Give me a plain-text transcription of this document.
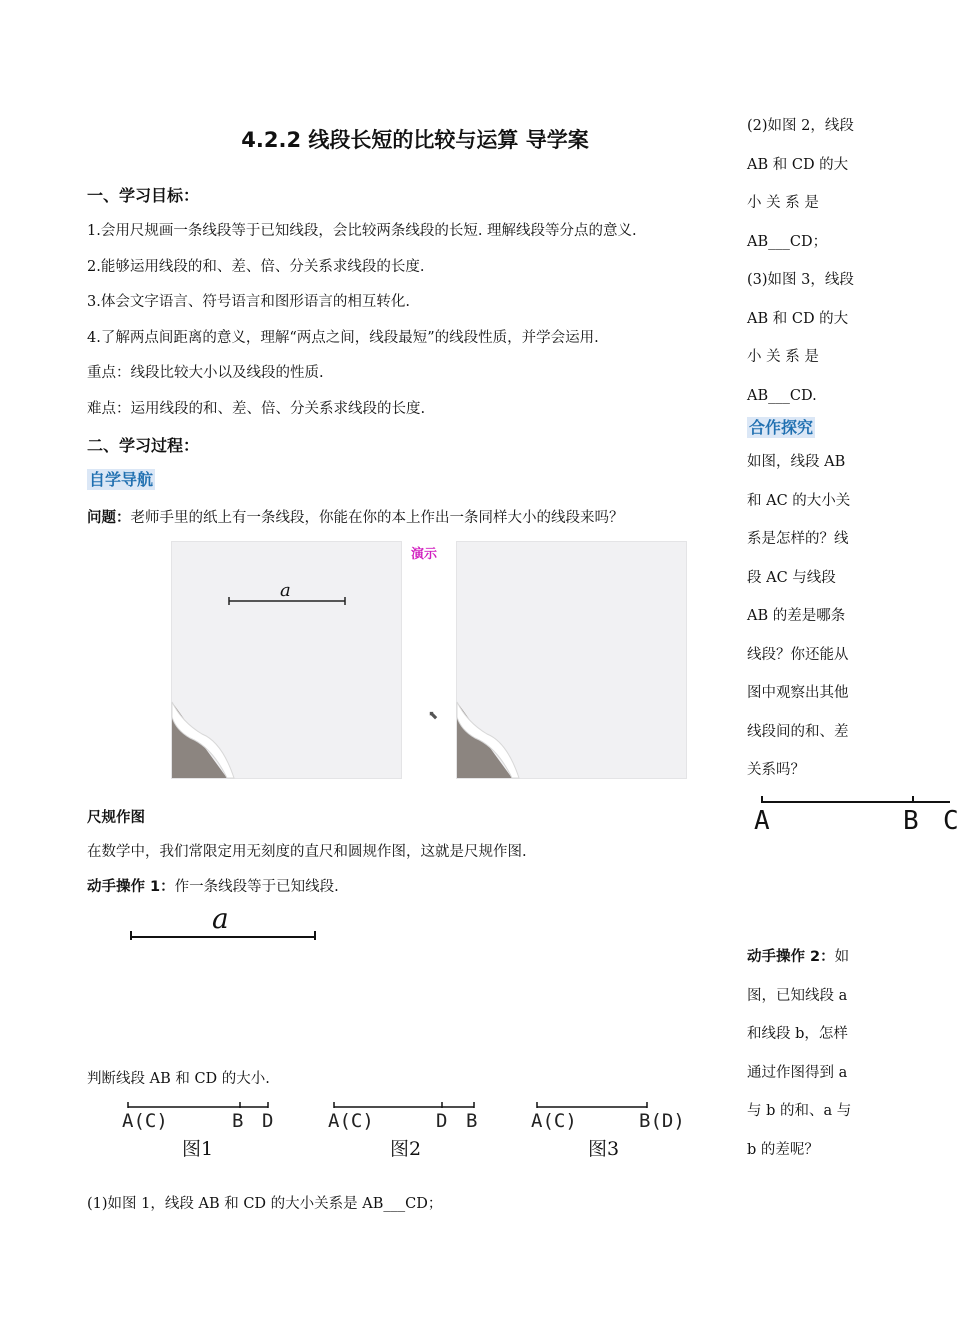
4.2.2 线段长短的比较与运算 导学案
一、学习目标：
1.会用尺规画一条线段等于已知线段，会比较两条线段的长短. 理解线段等分点的意义.
2.能够运用线段的和、差、倍、分关系求线段的长度.
3.体会文字语言、符号语言和图形语言的相互转化.
4.了解两点间距离的意义，理解“两点之间，线段最短”的线段性质，并学会运用.
重点：线段比较大小以及线段的性质.
难点：运用线段的和、差、倍、分关系求线段的长度.
二、学习过程：
自学导航
问题：老师手里的纸上有一条线段，你能在你的本上作出一条同样大小的线段来吗？
a
演示
⬉
尺规作图
在数学中，我们常限定用无刻度的直尺和圆规作图，这就是尺规作图.
动手操作 1：作一条线段等于已知线段.
a
判断线段 AB 和 CD 的大小.
A(C)	B D
图1
A(C)	D B
图2
A(C)	B(D)
图3
(1)如图 1，线段 AB 和 CD 的大小关系是 AB___CD；
(2)如图 2，线段
AB 和 CD 的大
小 关 系 是
AB___CD；
(3)如图 3，线段
AB 和 CD 的大
小 关 系 是
AB___CD.
合作探究
如图，线段 AB
和 AC 的大小关
系是怎样的？线
段 AC 与线段
AB 的差是哪条
线段？你还能从
图中观察出其他
线段间的和、差
关系吗？
A	B C
动手操作 2：如
图，已知线段 a
和线段 b，怎样
通过作图得到 a
与 b 的和、a 与
b 的差呢？
